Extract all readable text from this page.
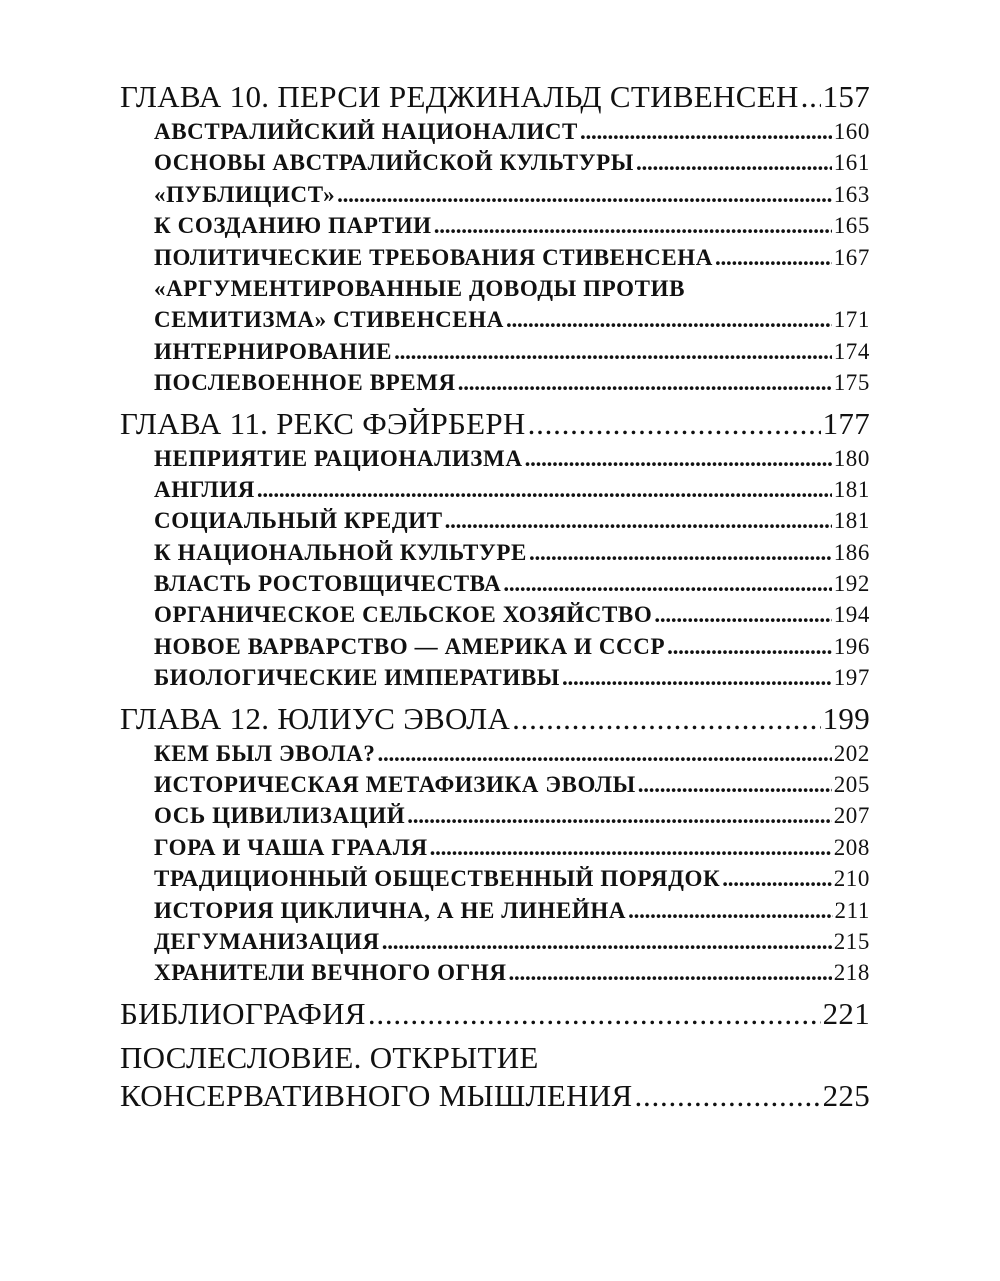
ГЛАВА 10. ПЕРСИ РЕДЖИНАЛЬД СТИВЕНСЕН . . . 157
АВСТРАЛИЙСКИЙ НАЦИОНАЛИСТ . . .	160
ОСНОВЫ АВСТРАЛИЙСКОЙ КУЛЬТУРЫ . . .	161
«ПУБЛИЦИСТ» . . .	163
К СОЗДАНИЮ ПАРТИИ . . .	165
ПОЛИТИЧЕСКИЕ ТРЕБОВАНИЯ СТИВЕНСЕНА . . .	167
«АРГУМЕНТИРОВАННЫЕ ДОВОДЫ ПРОТИВ
СЕМИТИЗМА» СТИВЕНСЕНА . . .	171
ИНТЕРНИРОВАНИЕ . . .	174
ПОСЛЕВОЕННОЕ ВРЕМЯ . . .	175
ГЛАВА 11. РЕКС ФЭЙРБЕРН . . .	177
НЕПРИЯТИЕ РАЦИОНАЛИЗМА . . .	180
АНГЛИЯ . . .	181
СОЦИАЛЬНЫЙ КРЕДИТ . . .	181
К НАЦИОНАЛЬНОЙ КУЛЬТУРЕ . . .	186
ВЛАСТЬ РОСТОВЩИЧЕСТВА . . .	192
ОРГАНИЧЕСКОЕ СЕЛЬСКОЕ ХОЗЯЙСТВО . . .	194
НОВОЕ ВАРВАРСТВО — АМЕРИКА И СССР . . .	196
БИОЛОГИЧЕСКИЕ ИМПЕРАТИВЫ . . .	197
ГЛАВА 12. ЮЛИУС ЭВОЛА . . .	199
КЕМ БЫЛ ЭВОЛА? . . .	202
ИСТОРИЧЕСКАЯ МЕТАФИЗИКА ЭВОЛЫ . . .	205
ОСЬ ЦИВИЛИЗАЦИЙ . . .	207
ГОРА И ЧАША ГРААЛЯ . . .	208
ТРАДИЦИОННЫЙ ОБЩЕСТВЕННЫЙ ПОРЯДОК . . .	210
ИСТОРИЯ ЦИКЛИЧНА, А НЕ ЛИНЕЙНА . . .	211
ДЕГУМАНИЗАЦИЯ . . .	215
ХРАНИТЕЛИ ВЕЧНОГО ОГНЯ . . .	218
БИБЛИОГРАФИЯ . . .	221
ПОСЛЕСЛОВИЕ. ОТКРЫТИЕ
КОНСЕРВАТИВНОГО МЫШЛЕНИЯ . . .	225
